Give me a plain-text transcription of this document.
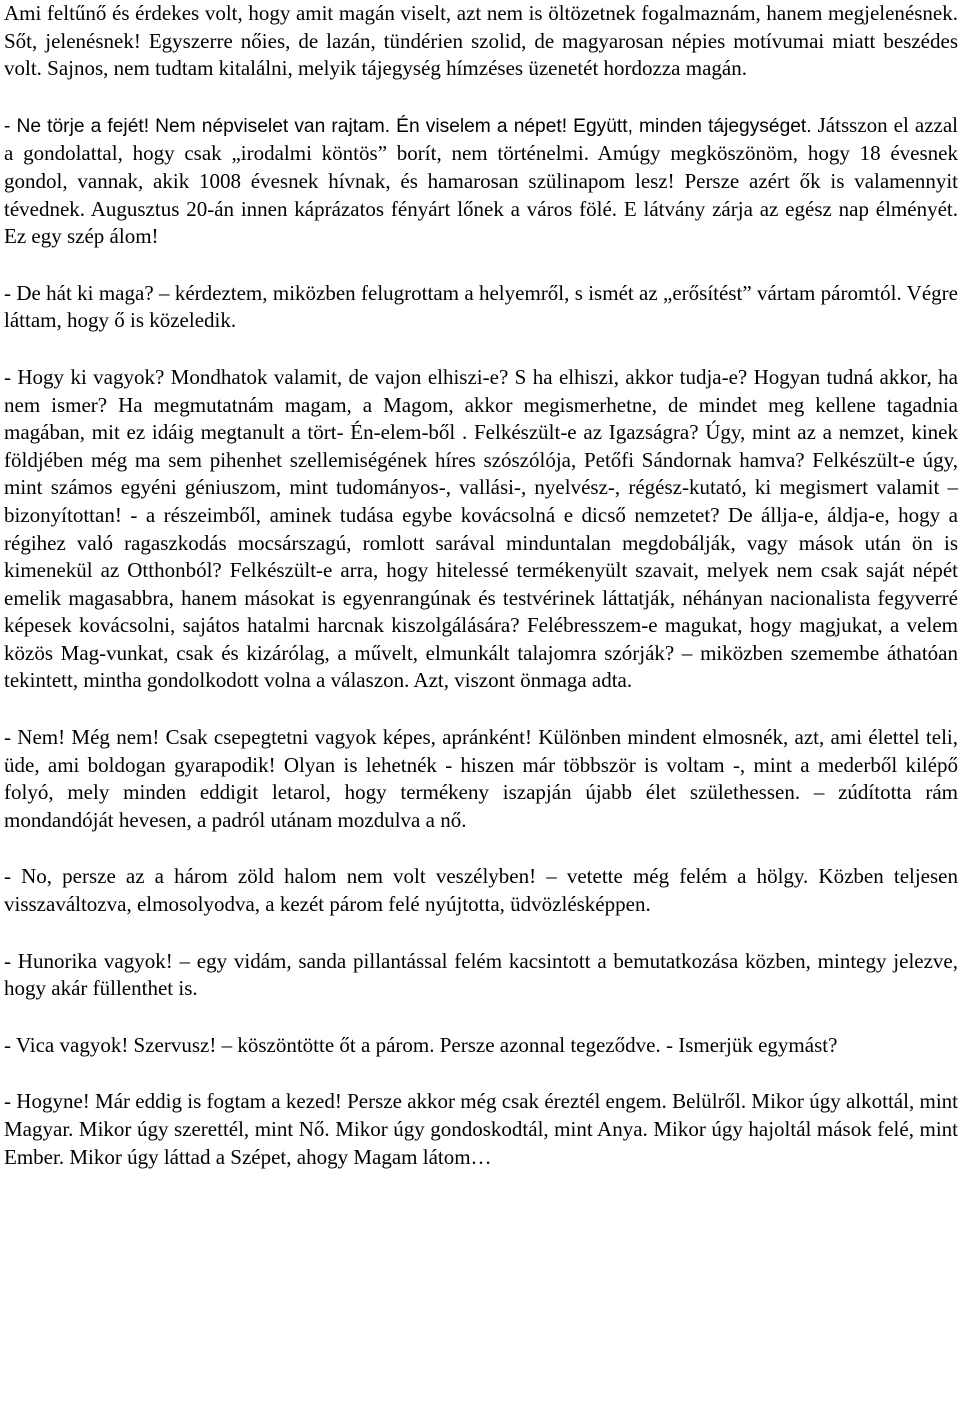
Ami feltűnő és érdekes volt, hogy amit magán viselt, azt nem is öltözetnek fogalmaznám, hanem megjelenésnek. Sőt, jelenésnek! Egyszerre nőies, de lazán, tündérien szolid, de magyarosan népies motívumai miatt beszédes volt. Sajnos, nem tudtam kitalálni, melyik tájegység hímzéses üzenetét hordozza magán.

- Ne törje a fejét! Nem népviselet van rajtam. Én viselem a népet! Együtt, minden tájegységet. Játsszon el azzal a gondolattal, hogy csak „irodalmi köntös” borít, nem történelmi. Amúgy megköszönöm, hogy 18 évesnek gondol, vannak, akik 1008 évesnek hívnak, és hamarosan szülinapom lesz! Persze azért ők is valamennyit tévednek. Augusztus 20-án innen káprázatos fényárt lőnek a város fölé. E látvány zárja az egész nap élményét. Ez egy szép álom!

- De hát ki maga? – kérdeztem, miközben felugrottam a helyemről, s ismét az „erősítést” vártam páromtól. Végre láttam, hogy ő is közeledik.

- Hogy ki vagyok? Mondhatok valamit, de vajon elhiszi-e? S ha elhiszi, akkor tudja-e? Hogyan tudná akkor, ha nem ismer? Ha megmutatnám magam, a Magom, akkor megismerhetne, de mindet meg kellene tagadnia magában, mit ez idáig megtanult a tört- Én-elem-ből . Felkészült-e az Igazságra? Úgy, mint az a nemzet, kinek földjében még ma sem pihenhet szellemiségének híres szószólója, Petőfi Sándornak hamva? Felkészült-e úgy, mint számos egyéni géniuszom, mint tudományos-, vallási-, nyelvész-, régész-kutató, ki megismert valamit – bizonyítottan! - a részeimből, aminek tudása egybe kovácsolná e dicső nemzetet? De állja-e, áldja-e, hogy a régihez való ragaszkodás mocsárszagú, romlott sarával minduntalan megdobálják, vagy mások után ön is kimenekül az Otthonból? Felkészült-e arra, hogy hitelessé termékenyült szavait, melyek nem csak saját népét emelik magasabbra, hanem másokat is egyenrangúnak és testvérinek láttatják, néhányan nacionalista fegyverré képesek kovácsolni, sajátos hatalmi harcnak kiszolgálására? Felébresszem-e magukat, hogy magjukat, a velem közös Mag-vunkat, csak és kizárólag, a művelt, elmunkált talajomra szórják? – miközben szemembe áthatóan tekintett, mintha gondolkodott volna a válaszon. Azt, viszont önmaga adta.

- Nem! Még nem! Csak csepegtetni vagyok képes, apránként! Különben mindent elmosnék, azt, ami élettel teli, üde, ami boldogan gyarapodik! Olyan is lehetnék - hiszen már többször is voltam -, mint a mederből kilépő folyó, mely minden eddigit letarol, hogy termékeny iszapján újabb élet születhessen. – zúdította rám mondandóját hevesen, a padról utánam mozdulva a nő.

- No, persze az a három zöld halom nem volt veszélyben! – vetette még felém a hölgy. Közben teljesen visszaváltozva, elmosolyodva, a kezét párom felé nyújtotta, üdvözlésképpen.

- Hunorika vagyok! – egy vidám, sanda pillantással felém kacsintott a bemutatkozása közben, mintegy jelezve, hogy akár füllenthet is.

- Vica vagyok! Szervusz! – köszöntötte őt a párom. Persze azonnal tegeződve. - Ismerjük egymást?

- Hogyne! Már eddig is fogtam a kezed! Persze akkor még csak éreztél engem. Belülről. Mikor úgy alkottál, mint Magyar. Mikor úgy szerettél, mint Nő. Mikor úgy gondoskodtál, mint Anya. Mikor úgy hajoltál mások felé, mint Ember. Mikor úgy láttad a Szépet, ahogy Magam látom…
